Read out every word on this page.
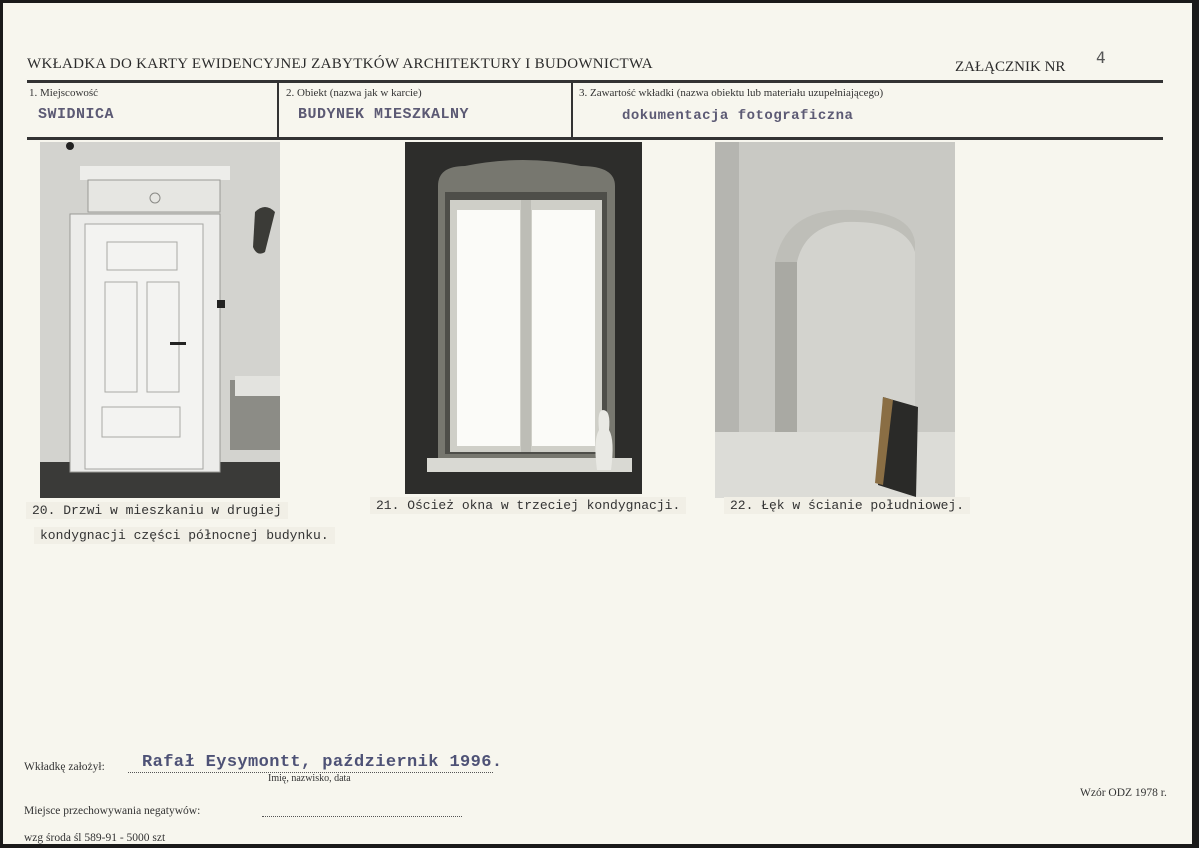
WKŁADKA DO KARTY EWIDENCYJNEJ ZABYTKÓW ARCHITEKTURY I BUDOWNICTWA	ZAŁĄCZNIK NR 4
1. Miejscowość
SWIDNICA
2. Obiekt (nazwa jak w karcie)
BUDYNEK MIESZKALNY
3. Zawartość wkładki (nazwa obiektu lub materiału uzupełniającego)
dokumentacja fotograficzna
20. Drzwi w mieszkaniu w drugiej
kondygnacji części północnej budynku.
21. Oścież okna w trzeciej kondygnacji.	22. Łęk w ścianie południowej.
Wkładkę założył: Rafał Eysymontt, październik 1996.
Imię, nazwisko, data
Miejsce przechowywania negatywów:
Wzór ODZ 1978 r.
wzg środa śl 589-91 - 5000 szt
